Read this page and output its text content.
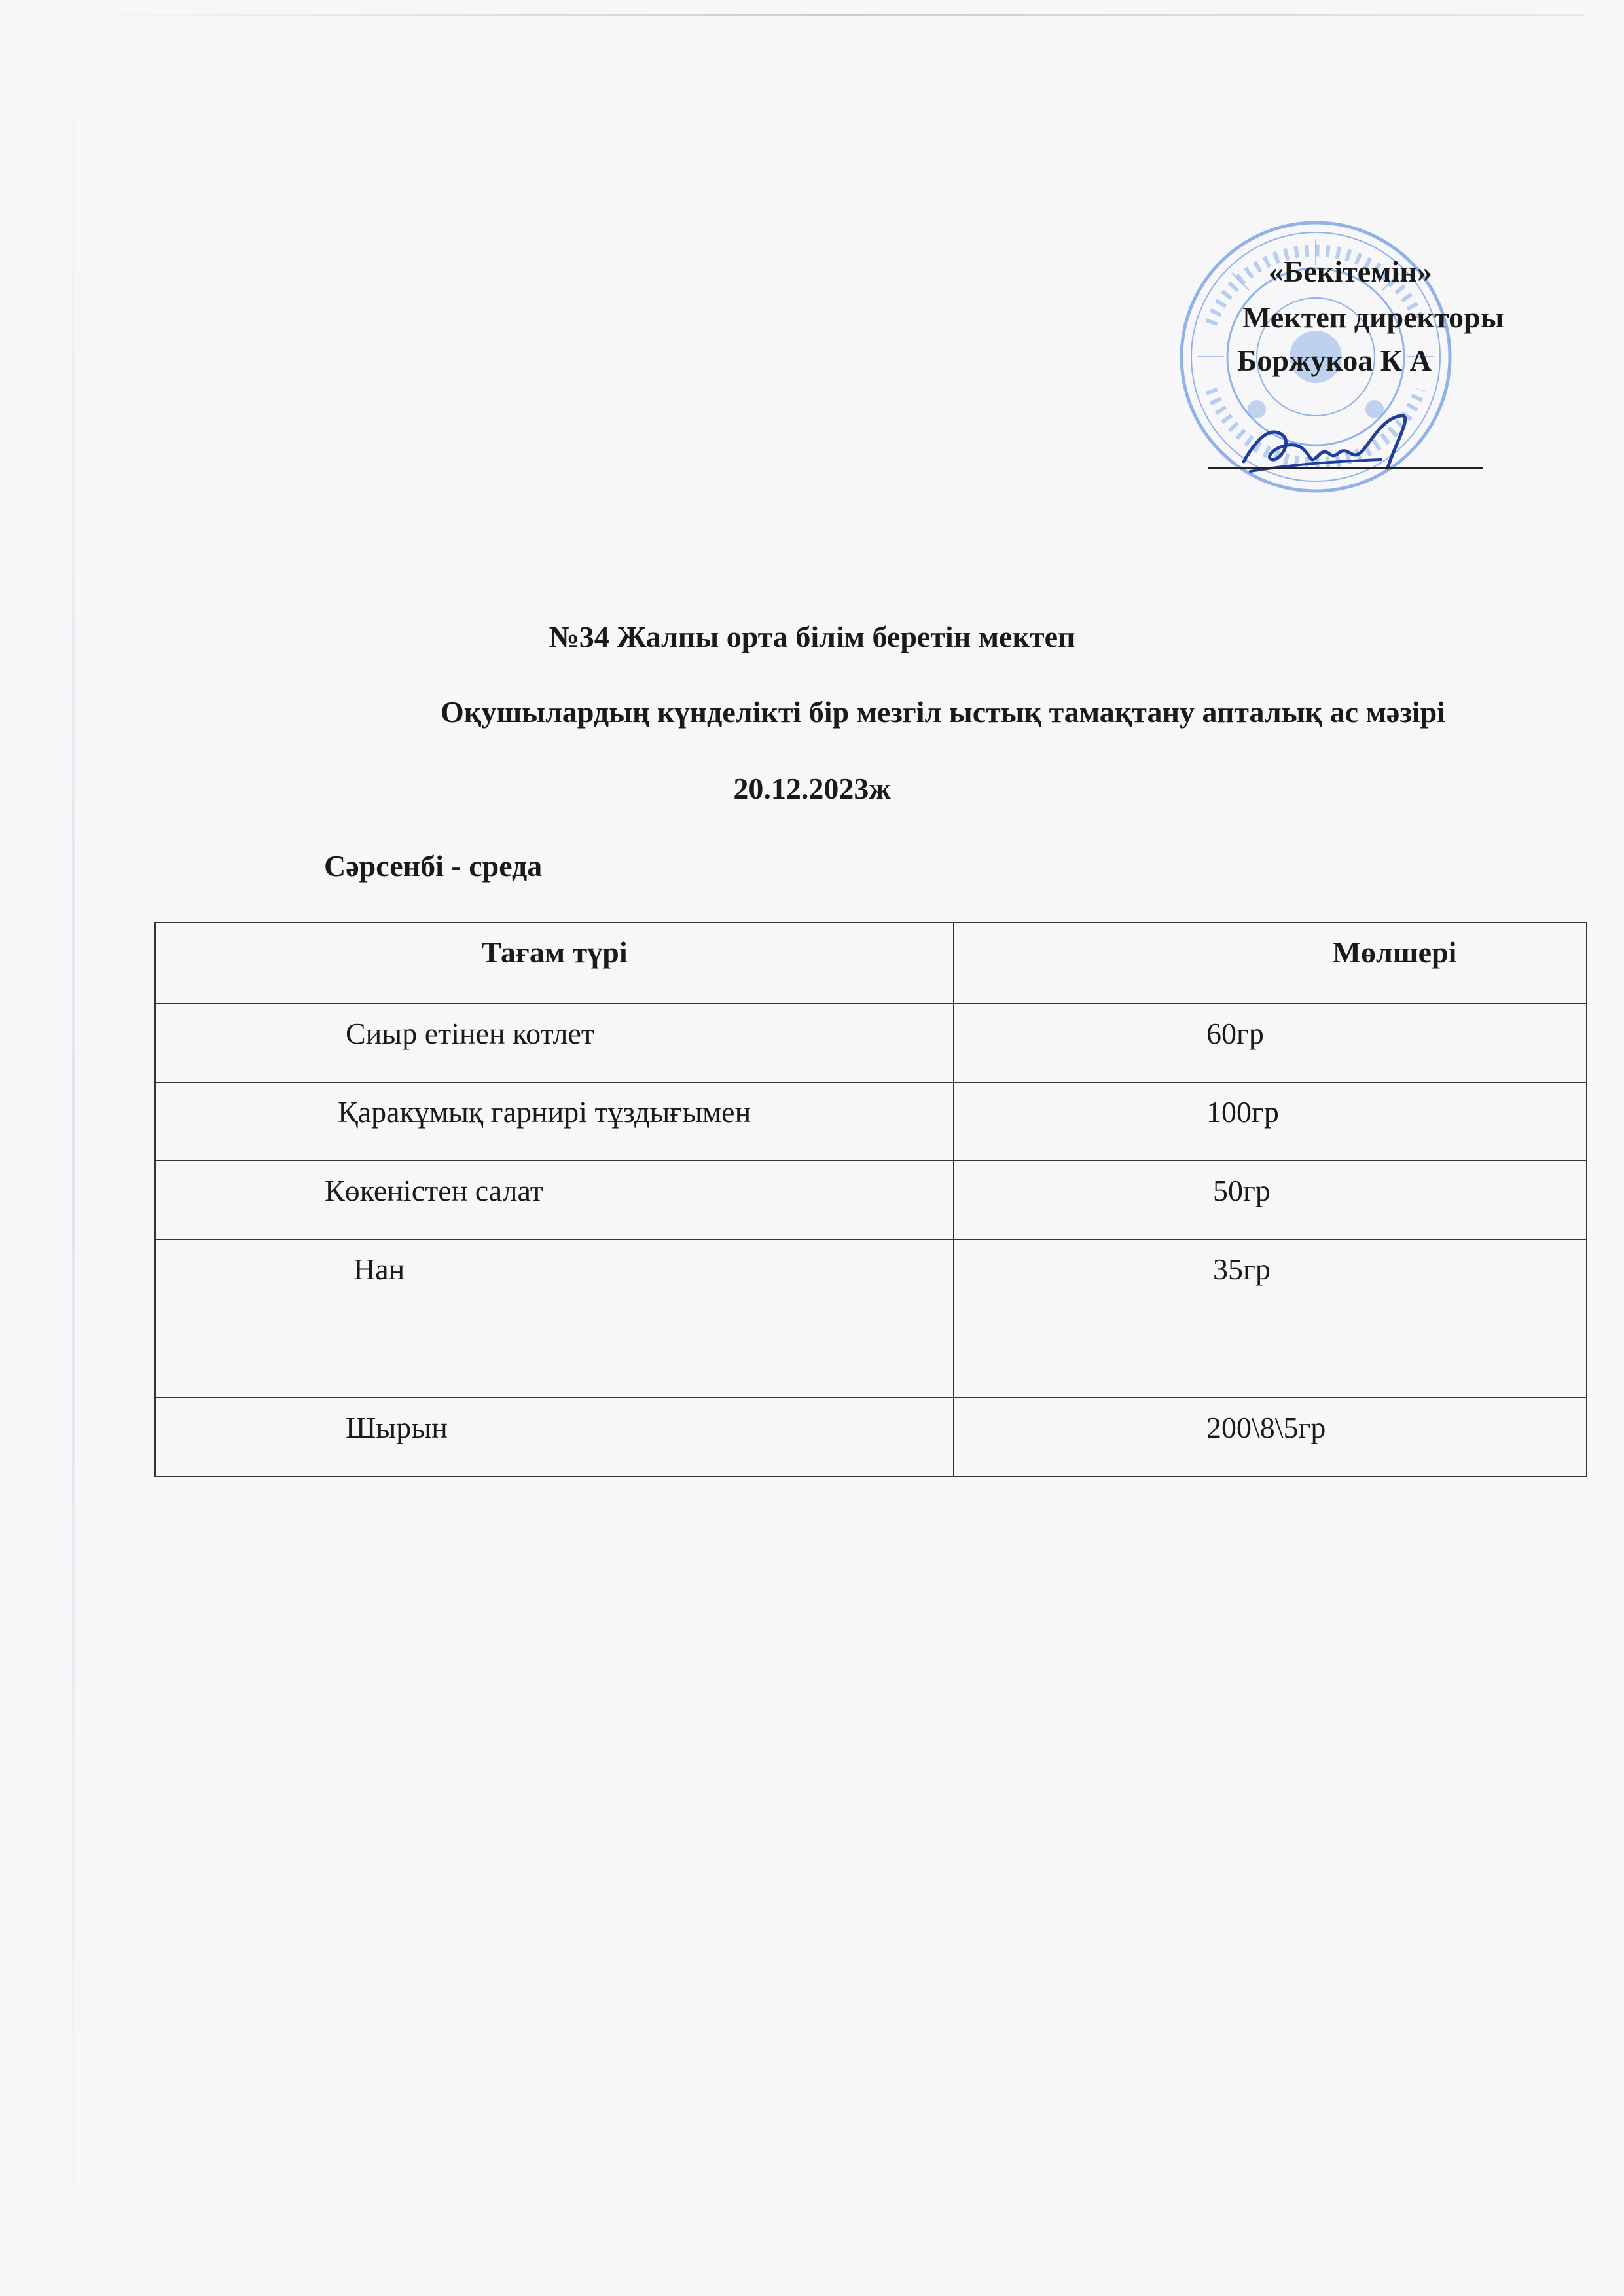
«Бекітемін»
Мектеп директоры
Боржукоа К А
№34 Жалпы орта білім беретін мектеп
Оқушылардың күнделікті бір мезгіл ыстық тамақтану апталық ас мәзірі
20.12.2023ж
Сәрсенбі - среда
Тағам түрі	Мөлшері

Сиыр етінен котлет	60гр

Қаракұмық гарнирі тұздығымен	100гр

Көкеністен салат	50гр

Нан	35гр

Шырын	200\8\5гр
